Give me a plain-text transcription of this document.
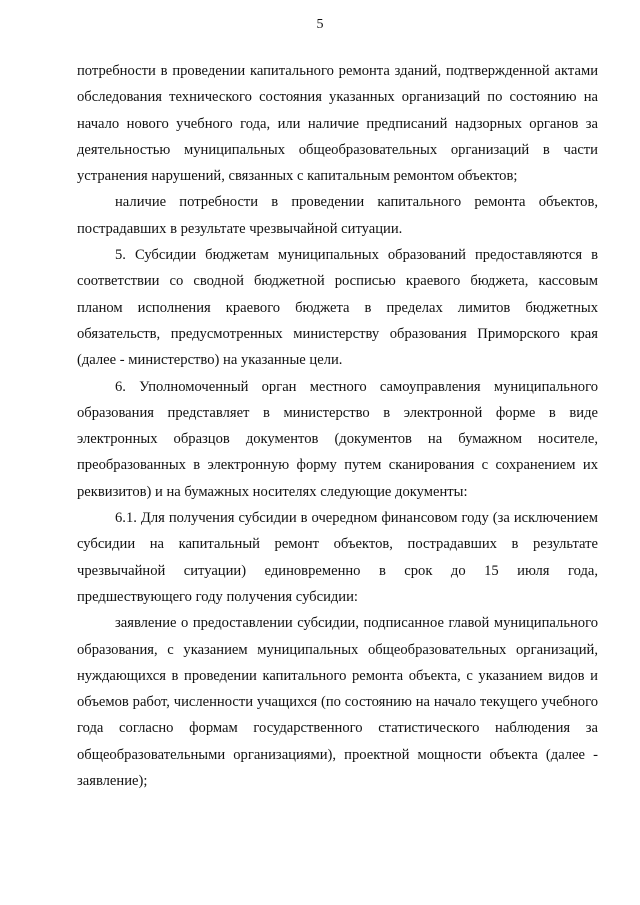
5

потребности в проведении капитального ремонта зданий, подтвержденной актами обследования технического состояния указанных организаций по состоянию на начало нового учебного года, или наличие предписаний надзорных органов за деятельностью муниципальных общеобразовательных организаций в части устранения нарушений, связанных с капитальным ремонтом объектов;

наличие потребности в проведении капитального ремонта объектов, пострадавших в результате чрезвычайной ситуации.

5. Субсидии бюджетам муниципальных образований предоставляются в соответствии со сводной бюджетной росписью краевого бюджета, кассовым планом исполнения краевого бюджета в пределах лимитов бюджетных обязательств, предусмотренных министерству образования Приморского края (далее - министерство) на указанные цели.

6. Уполномоченный орган местного самоуправления муниципального образования представляет в министерство в электронной форме в виде электронных образцов документов (документов на бумажном носителе, преобразованных в электронную форму путем сканирования с сохранением их реквизитов) и на бумажных носителях следующие документы:

6.1. Для получения субсидии в очередном финансовом году (за исключением субсидии на капитальный ремонт объектов, пострадавших в результате чрезвычайной ситуации) единовременно в срок до 15 июля года, предшествующего году получения субсидии:

заявление о предоставлении субсидии, подписанное главой муниципального образования, с указанием муниципальных общеобразовательных организаций, нуждающихся в проведении капитального ремонта объекта, с указанием видов и объемов работ, численности учащихся (по состоянию на начало текущего учебного года согласно формам государственного статистического наблюдения за общеобразовательными организациями), проектной мощности объекта (далее - заявление);
